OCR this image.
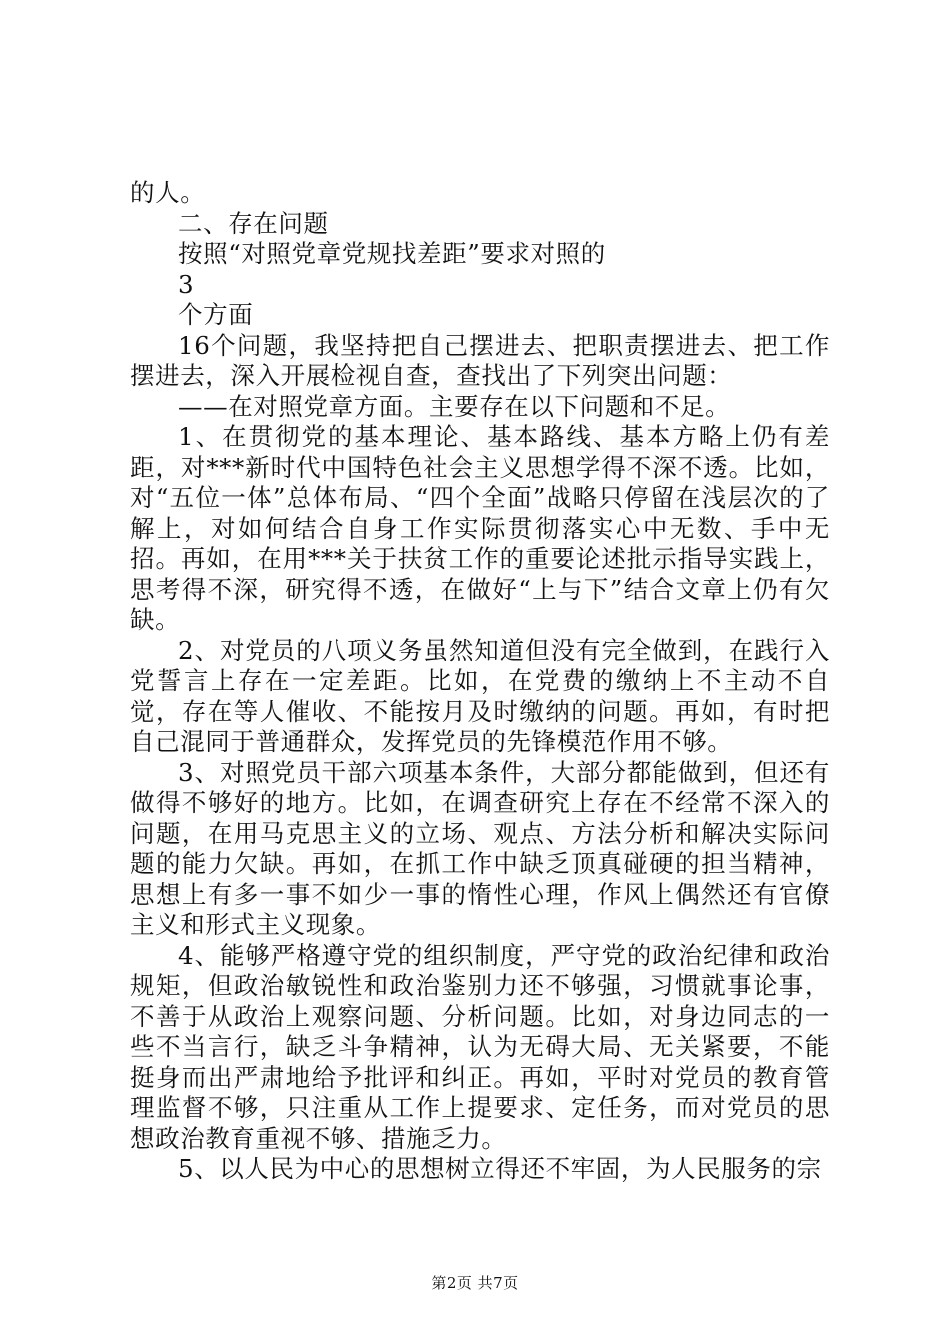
的人。

二、存在问题

按照“对照党章党规找差距”要求对照的

3

个方面

16个问题，我坚持把自己摆进去、把职责摆进去、把工作摆进去，深入开展检视自查，查找出了下列突出问题：

——在对照党章方面。主要存在以下问题和不足。

1、在贯彻党的基本理论、基本路线、基本方略上仍有差距，对***新时代中国特色社会主义思想学得不深不透。比如，对“五位一体”总体布局、“四个全面”战略只停留在浅层次的了解上，对如何结合自身工作实际贯彻落实心中无数、手中无招。再如，在用***关于扶贫工作的重要论述批示指导实践上，思考得不深，研究得不透，在做好“上与下”结合文章上仍有欠缺。

2、对党员的八项义务虽然知道但没有完全做到，在践行入党誓言上存在一定差距。比如，在党费的缴纳上不主动不自觉，存在等人催收、不能按月及时缴纳的问题。再如，有时把自己混同于普通群众，发挥党员的先锋模范作用不够。

3、对照党员干部六项基本条件，大部分都能做到，但还有做得不够好的地方。比如，在调查研究上存在不经常不深入的问题，在用马克思主义的立场、观点、方法分析和解决实际问题的能力欠缺。再如，在抓工作中缺乏顶真碰硬的担当精神，思想上有多一事不如少一事的惰性心理，作风上偶然还有官僚主义和形式主义现象。

4、能够严格遵守党的组织制度，严守党的政治纪律和政治规矩，但政治敏锐性和政治鉴别力还不够强，习惯就事论事，不善于从政治上观察问题、分析问题。比如，对身边同志的一些不当言行，缺乏斗争精神，认为无碍大局、无关紧要，不能挺身而出严肃地给予批评和纠正。再如，平时对党员的教育管理监督不够，只注重从工作上提要求、定任务，而对党员的思想政治教育重视不够、措施乏力。

5、以人民为中心的思想树立得还不牢固，为人民服务的宗

第2页 共7页
